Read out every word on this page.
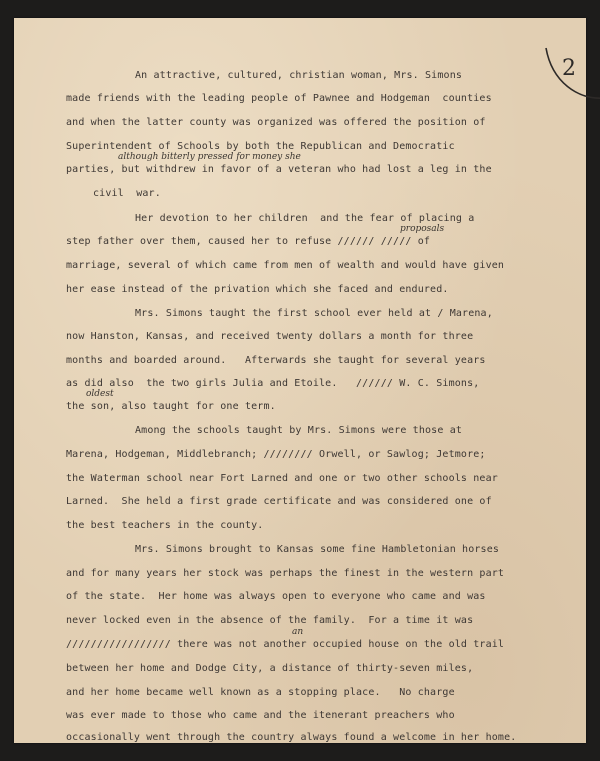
2
An attractive, cultured, christian woman, Mrs. Simons
made friends with the leading people of Pawnee and Hodgeman  counties
and when the latter county was organized was offered the position of
Superintendent of Schools by both the Republican and Democratic
although bitterly pressed for money she
parties, but withdrew in favor of a veteran who had lost a leg in the
civil  war.
Her devotion to her children  and the fear of placing a
proposals
step father over them, caused her to refuse ////// ///// of
marriage, several of which came from men of wealth and would have given
her ease instead of the privation which she faced and endured.
Mrs. Simons taught the first school ever held at / Marena,
now Hanston, Kansas, and received twenty dollars a month for three
months and boarded around.   Afterwards she taught for several years
as did also  the two girls Julia and Etoile.   ////// W. C. Simons,
oldest
the son, also taught for one term.
Among the schools taught by Mrs. Simons were those at
Marena, Hodgeman, Middlebranch; //////// Orwell, or Sawlog; Jetmore;
the Waterman school near Fort Larned and one or two other schools near
Larned.  She held a first grade certificate and was considered one of
the best teachers in the county.
Mrs. Simons brought to Kansas some fine Hambletonian horses
and for many years her stock was perhaps the finest in the western part
of the state.  Her home was always open to everyone who came and was
never locked even in the absence of the family.  For a time it was
an
///////////////// there was not another occupied house on the old trail
between her home and Dodge City, a distance of thirty-seven miles,
and her home became well known as a stopping place.   No charge
was ever made to those who came and the itenerant preachers who
occasionally went through the country always found a welcome in her home.
